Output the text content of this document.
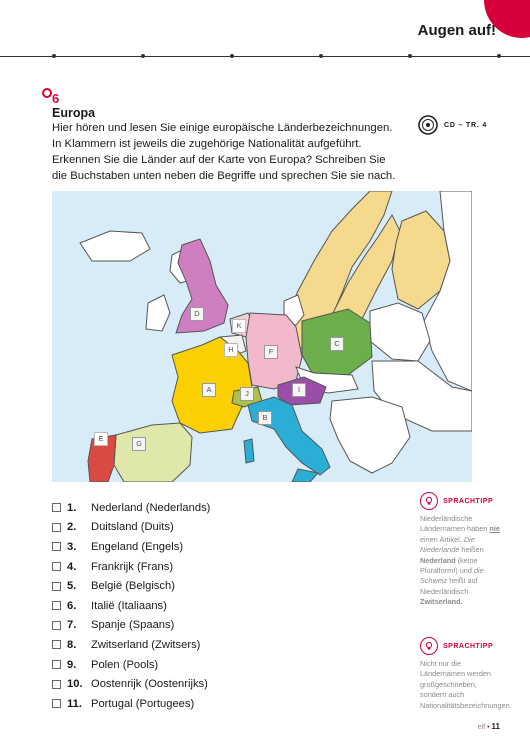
Augen auf!
6
Europa
Hier hören und lesen Sie einige europäische Länderbezeichnungen. In Klammern ist jeweils die zugehörige Nationalität aufgeführt. Erkennen Sie die Länder auf der Karte von Europa? Schreiben Sie die Buchstaben unten neben die Begriffe und sprechen Sie sie nach.
CD – TR. 4
D
K
H	F
C
A	I
J
B
E
G
1.	Nederland (Nederlands)
2.	Duitsland (Duits)
3.	Engeland (Engels)
4.	Frankrijk (Frans)
5.	België (Belgisch)
6.	Italië (Italiaans)
7.	Spanje (Spaans)
8.	Zwitserland (Zwitsers)
9.	Polen (Pools)
10. Oostenrijk (Oostenrijks)
11. Portugal (Portugees)
SPRACHTIPP
Niederländische Ländernamen haben nie einen Artikel. Die Niederlande heißen Nederland (keine Pluralform!) und die Schweiz heißt auf Niederländisch Zwitserland.
SPRACHTIPP
Nicht nur die Ländernamen werden großgeschrieben, sondern auch Nationalitätsbezeichnungen.
elf • 11
